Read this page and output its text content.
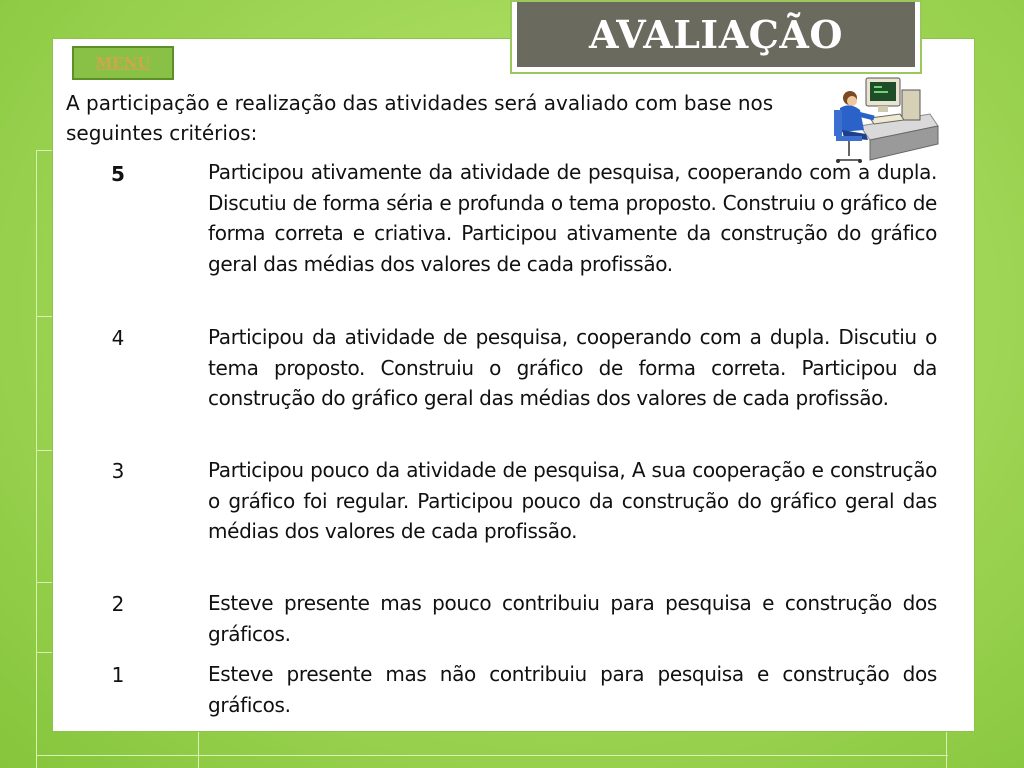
AVALIAÇÃO
MENU
A participação e realização das atividades será avaliado com base nos seguintes critérios:
5	Participou ativamente da atividade de pesquisa, cooperando com a dupla. Discutiu de forma séria e profunda o tema proposto. Construiu o gráfico de forma correta e criativa. Participou ativamente da construção do gráfico geral das médias dos valores de cada profissão.
4	Participou da atividade de pesquisa, cooperando com a dupla. Discutiu o tema proposto. Construiu o gráfico de forma correta. Participou da construção do gráfico geral das médias dos valores de cada profissão.
3	Participou pouco da atividade de pesquisa, A sua cooperação e construção o gráfico foi regular. Participou pouco da construção do gráfico geral das médias dos valores de cada profissão.
2	Esteve presente mas pouco contribuiu para pesquisa e construção dos gráficos.
1	Esteve presente mas não contribuiu para pesquisa e construção dos gráficos.
